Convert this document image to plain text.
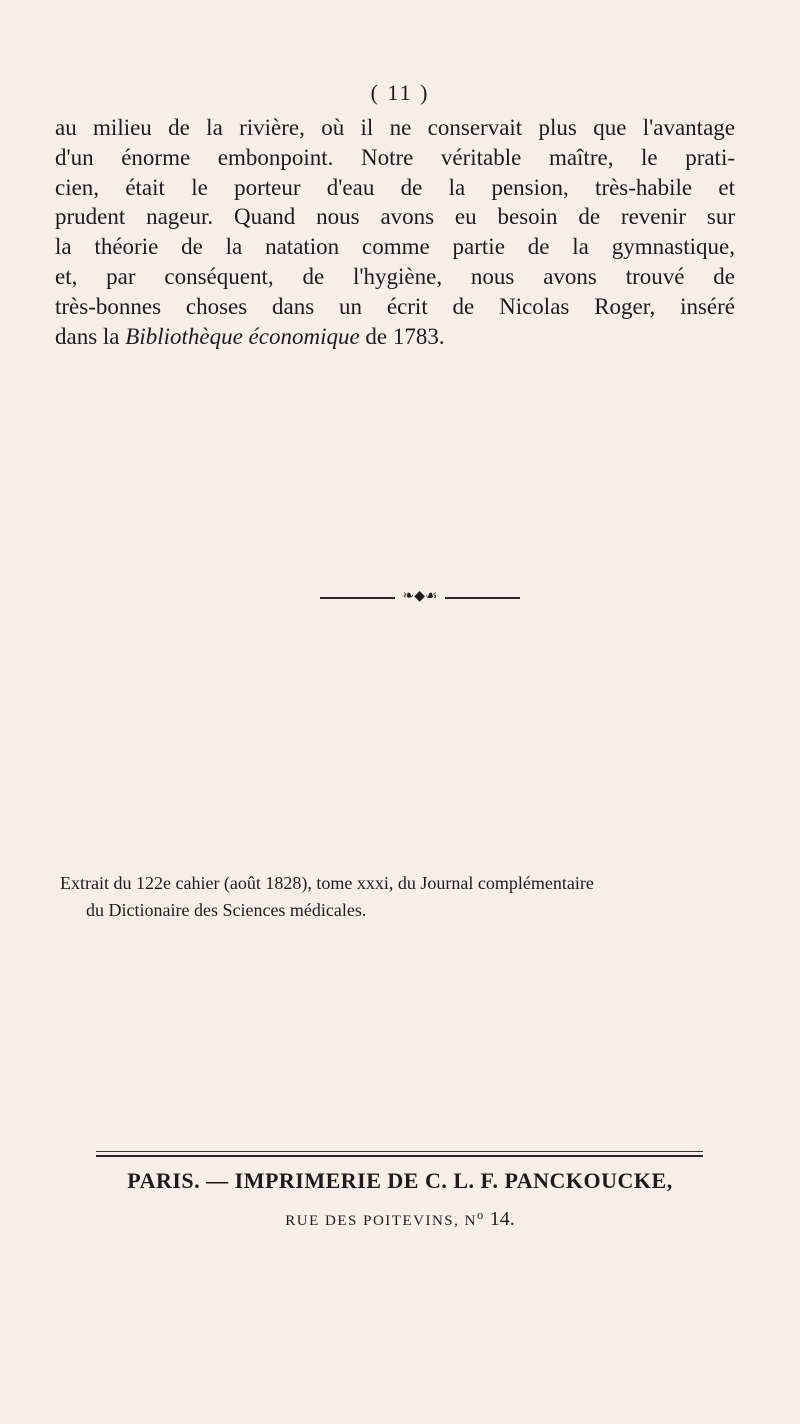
( 11 )
au milieu de la rivière, où il ne conservait plus que l'avantage
d'un énorme embonpoint. Notre véritable maître, le prati-
cien, était le porteur d'eau de la pension, très-habile et
prudent nageur. Quand nous avons eu besoin de revenir sur
la théorie de la natation comme partie de la gymnastique,
et, par conséquent, de l'hygiène, nous avons trouvé de
très-bonnes choses dans un écrit de Nicolas Roger, inséré
dans la Bibliothèque économique de 1783.
❧◆☙
Extrait du 122e cahier (août 1828), tome xxxi, du Journal complémentaire
du Dictionaire des Sciences médicales.
PARIS. — IMPRIMERIE DE C. L. F. PANCKOUCKE,
RUE DES POITEVINS, $N^o$ 14.
